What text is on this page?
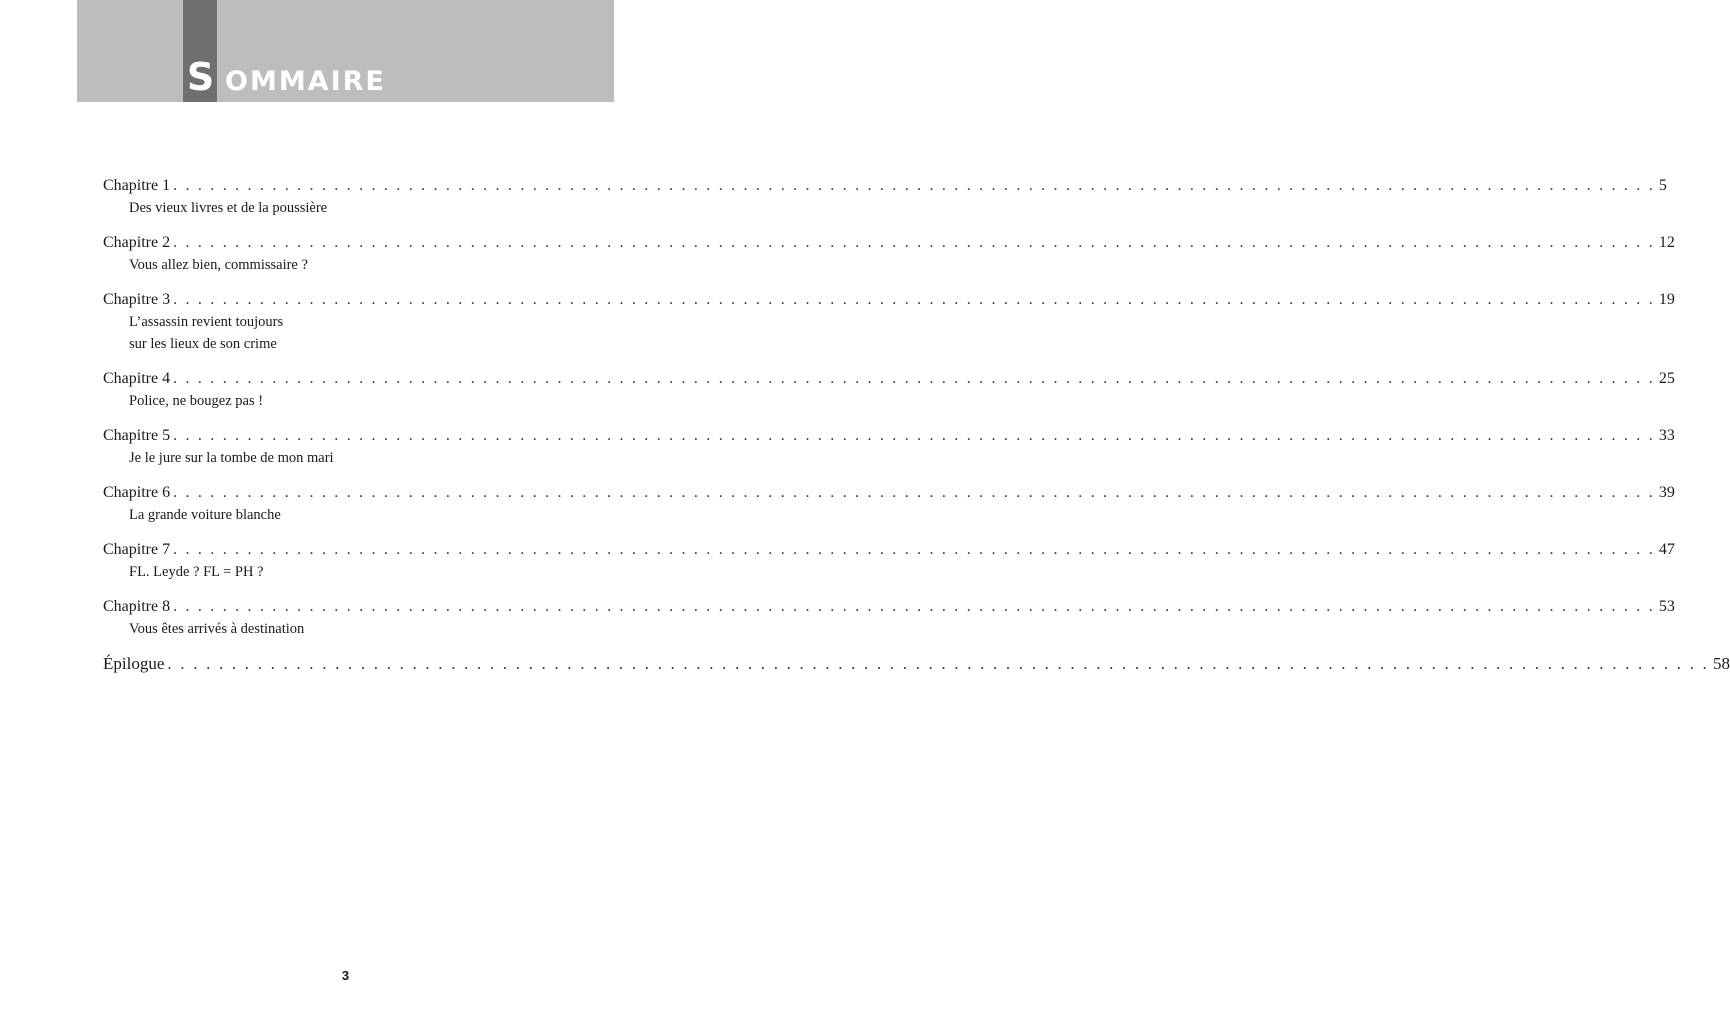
S OMMAIRE
Chapitre 1 . . . . . . . . . . . . . . . . . . . . . . . . . . . . . . . . . . . . . . . . . . . . . . . . . . . . . . . . . . . . . . . . . . . . . . . . . . . . . . . . . . . . . . . . . . . . . . . . . . . . . . . . . . . . . . . . . . . . . . . . 5
Des vieux livres et de la poussière
Chapitre 2 . . . . . . . . . . . . . . . . . . . . . . . . . . . . . . . . . . . . . . . . . . . . . . . . . . . . . . . . . . . . . . . . . . . . . . . . . . . . . . . . . . . . . . . . . . . . . . . . . . . . . . . . . . . . . . . . . . . . . . . . 12
Vous allez bien, commissaire ?
Chapitre 3 . . . . . . . . . . . . . . . . . . . . . . . . . . . . . . . . . . . . . . . . . . . . . . . . . . . . . . . . . . . . . . . . . . . . . . . . . . . . . . . . . . . . . . . . . . . . . . . . . . . . . . . . . . . . . . . . . . . . . . . . 19
L’assassin revient toujours
sur les lieux de son crime
Chapitre 4 . . . . . . . . . . . . . . . . . . . . . . . . . . . . . . . . . . . . . . . . . . . . . . . . . . . . . . . . . . . . . . . . . . . . . . . . . . . . . . . . . . . . . . . . . . . . . . . . . . . . . . . . . . . . . . . . . . . . . . . . 25
Police, ne bougez pas !
Chapitre 5 . . . . . . . . . . . . . . . . . . . . . . . . . . . . . . . . . . . . . . . . . . . . . . . . . . . . . . . . . . . . . . . . . . . . . . . . . . . . . . . . . . . . . . . . . . . . . . . . . . . . . . . . . . . . . . . . . . . . . . . . 33
Je le jure sur la tombe de mon mari
Chapitre 6 . . . . . . . . . . . . . . . . . . . . . . . . . . . . . . . . . . . . . . . . . . . . . . . . . . . . . . . . . . . . . . . . . . . . . . . . . . . . . . . . . . . . . . . . . . . . . . . . . . . . . . . . . . . . . . . . . . . . . . . . 39
La grande voiture blanche
Chapitre 7 . . . . . . . . . . . . . . . . . . . . . . . . . . . . . . . . . . . . . . . . . . . . . . . . . . . . . . . . . . . . . . . . . . . . . . . . . . . . . . . . . . . . . . . . . . . . . . . . . . . . . . . . . . . . . . . . . . . . . . . . 47
FL. Leyde ? FL = PH ?
Chapitre 8 . . . . . . . . . . . . . . . . . . . . . . . . . . . . . . . . . . . . . . . . . . . . . . . . . . . . . . . . . . . . . . . . . . . . . . . . . . . . . . . . . . . . . . . . . . . . . . . . . . . . . . . . . . . . . . . . . . . . . . . . 53
Vous êtes arrivés à destination
Épilogue . . . . . . . . . . . . . . . . . . . . . . . . . . . . . . . . . . . . . . . . . . . . . . . . . . . . . . . . . . . . . . . . . . . . . . . . . . . . . . . . . . . . . . . . . . . . . . . . . . . . . . . . . . . . . . . . . . . . . . . . 58
3
